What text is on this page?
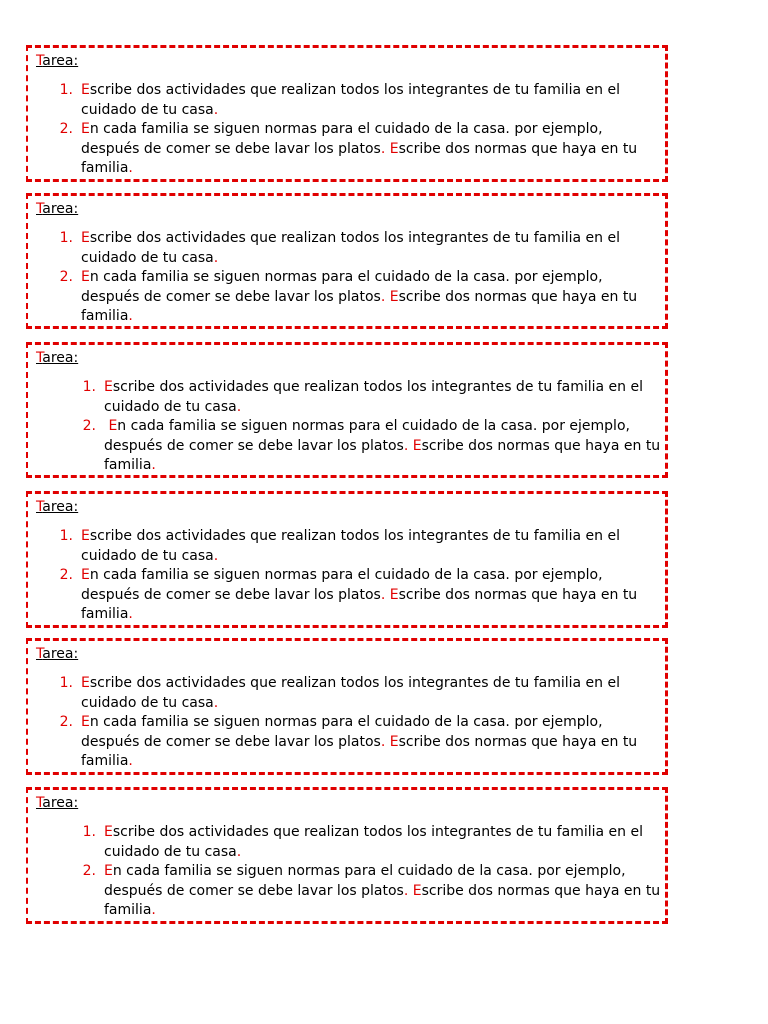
Tarea:
1. Escribe dos actividades que realizan todos los integrantes de tu familia en el cuidado de tu casa.
2. En cada familia se siguen normas para el cuidado de la casa. por ejemplo, después de comer se debe lavar los platos. Escribe dos normas que haya en tu familia.
Tarea:
1. Escribe dos actividades que realizan todos los integrantes de tu familia en el cuidado de tu casa.
2. En cada familia se siguen normas para el cuidado de la casa. por ejemplo, después de comer se debe lavar los platos. Escribe dos normas que haya en tu familia.
Tarea:
1. Escribe dos actividades que realizan todos los integrantes de tu familia en el cuidado de tu casa.
2. En cada familia se siguen normas para el cuidado de la casa. por ejemplo, después de comer se debe lavar los platos. Escribe dos normas que haya en tu familia.
Tarea:
1. Escribe dos actividades que realizan todos los integrantes de tu familia en el cuidado de tu casa.
2. En cada familia se siguen normas para el cuidado de la casa. por ejemplo, después de comer se debe lavar los platos. Escribe dos normas que haya en tu familia.
Tarea:
1. Escribe dos actividades que realizan todos los integrantes de tu familia en el cuidado de tu casa.
2. En cada familia se siguen normas para el cuidado de la casa. por ejemplo, después de comer se debe lavar los platos. Escribe dos normas que haya en tu familia.
Tarea:
1. Escribe dos actividades que realizan todos los integrantes de tu familia en el cuidado de tu casa.
2. En cada familia se siguen normas para el cuidado de la casa. por ejemplo, después de comer se debe lavar los platos. Escribe dos normas que haya en tu familia.
